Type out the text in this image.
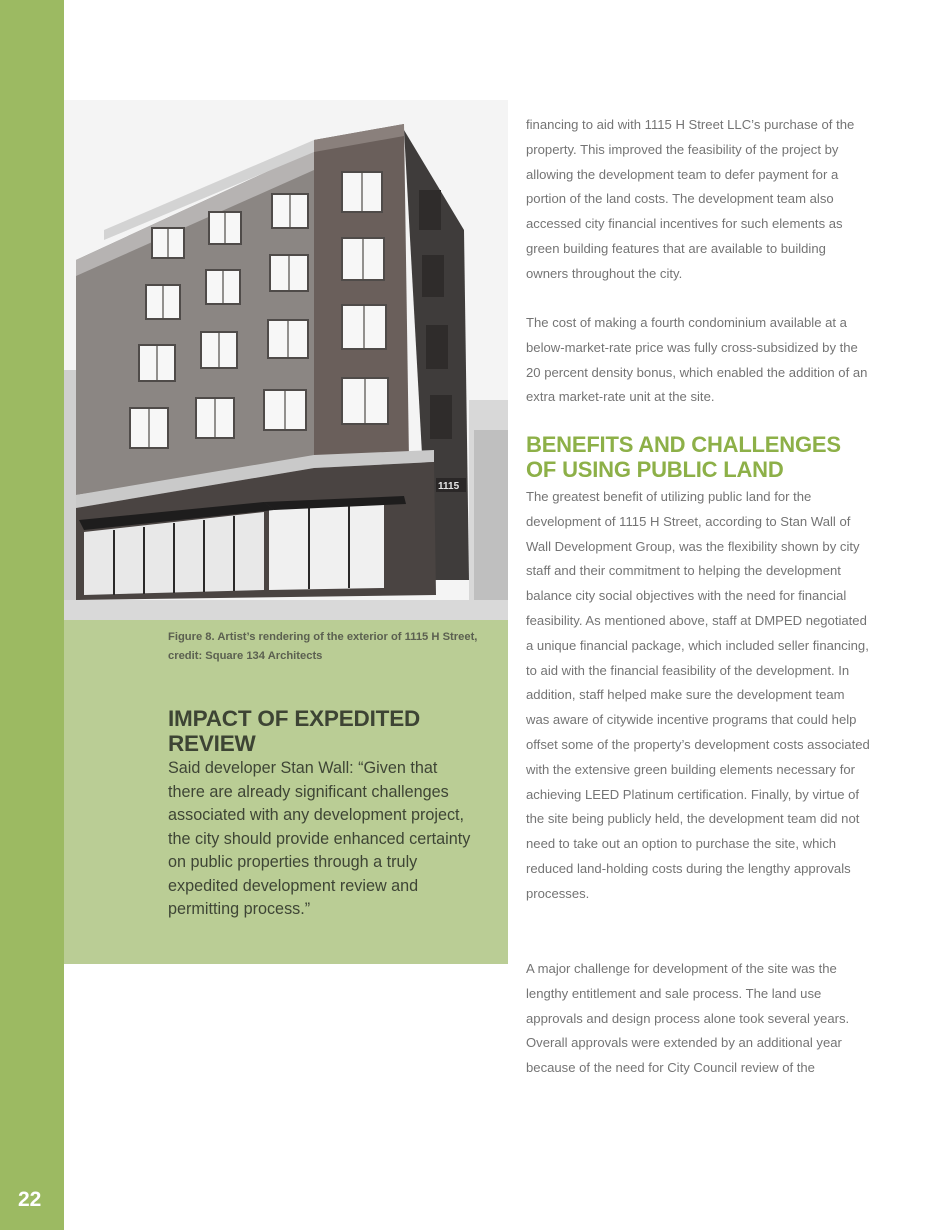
22
1115
Figure 8. Artist’s rendering of the exterior of 1115 H Street, credit: Square 134 Architects
IMPACT OF EXPEDITED REVIEW
Said developer Stan Wall: “Given that there are already significant challenges associated with any development project, the city should provide enhanced certainty on public properties through a truly expedited development review and permitting process.”

financing to aid with 1115 H Street LLC’s purchase of the property. This improved the feasibility of the project by allowing the development team to defer payment for a portion of the land costs. The development team also accessed city financial incentives for such elements as green building features that are available to building owners throughout the city.

The cost of making a fourth condominium available at a below-market-rate price was fully cross-subsidized by the 20 percent density bonus, which enabled the addition of an extra market-rate unit at the site.

BENEFITS AND CHALLENGES OF USING PUBLIC LAND

The greatest benefit of utilizing public land for the development of 1115 H Street, according to Stan Wall of Wall Development Group, was the flexibility shown by city staff and their commitment to helping the development balance city social objectives with the need for financial feasibility. As mentioned above, staff at DMPED negotiated a unique financial package, which included seller financing, to aid with the financial feasibility of the development. In addition, staff helped make sure the development team was aware of citywide incentive programs that could help offset some of the property’s development costs associated with the extensive green building elements necessary for achieving LEED Platinum certification. Finally, by virtue of the site being publicly held, the development team did not need to take out an option to purchase the site, which reduced land-holding costs during the lengthy approvals processes.

A major challenge for development of the site was the lengthy entitlement and sale process. The land use approvals and design process alone took several years. Overall approvals were extended by an additional year because of the need for City Council review of the
